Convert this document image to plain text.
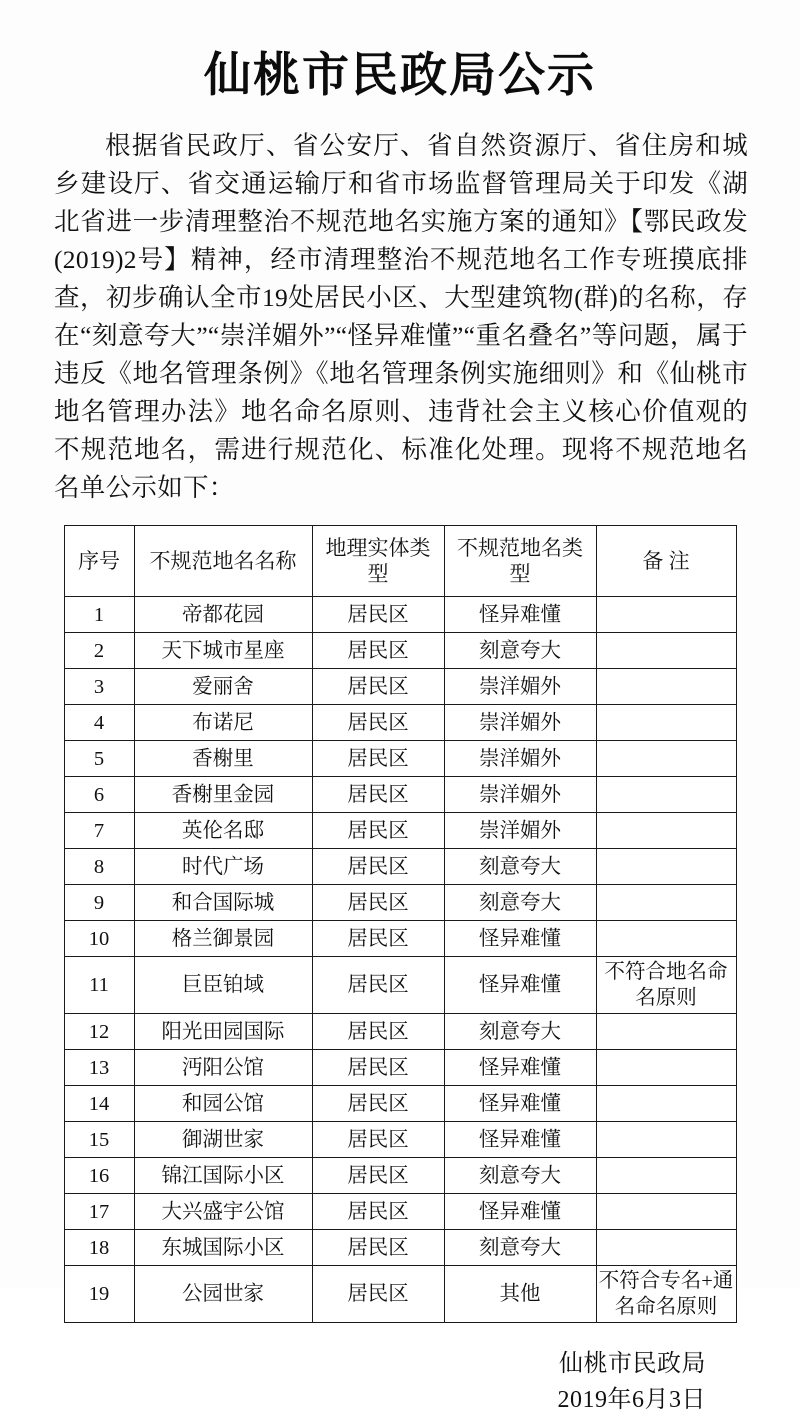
仙桃市民政局公示

根据省民政厅、省公安厅、省自然资源厅、省住房和城乡建设厅、省交通运输厅和省市场监督管理局关于印发《湖北省进一步清理整治不规范地名实施方案的通知》【鄂民政发(2019)2号】精神，经市清理整治不规范地名工作专班摸底排查，初步确认全市19处居民小区、大型建筑物(群)的名称，存在“刻意夸大”“崇洋媚外”“怪异难懂”“重名叠名”等问题，属于违反《地名管理条例》《地名管理条例实施细则》和《仙桃市地名管理办法》地名命名原则、违背社会主义核心价值观的不规范地名，需进行规范化、标准化处理。现将不规范地名名单公示如下：

序号	不规范地名名称	地理实体类型	不规范地名类型	备 注
1	帝都花园	居民区	怪异难懂	
2	天下城市星座	居民区	刻意夸大	
3	爱丽舍	居民区	崇洋媚外	
4	布诺尼	居民区	崇洋媚外	
5	香榭里	居民区	崇洋媚外	
6	香榭里金园	居民区	崇洋媚外	
7	英伦名邸	居民区	崇洋媚外	
8	时代广场	居民区	刻意夸大	
9	和合国际城	居民区	刻意夸大	
10	格兰御景园	居民区	怪异难懂	
11	巨臣铂域	居民区	怪异难懂	不符合地名命名原则
12	阳光田园国际	居民区	刻意夸大	
13	沔阳公馆	居民区	怪异难懂	
14	和园公馆	居民区	怪异难懂	
15	御湖世家	居民区	怪异难懂	
16	锦江国际小区	居民区	刻意夸大	
17	大兴盛宇公馆	居民区	怪异难懂	
18	东城国际小区	居民区	刻意夸大	
19	公园世家	居民区	其他	不符合专名+通名命名原则
仙桃市民政局
2019年6月3日
